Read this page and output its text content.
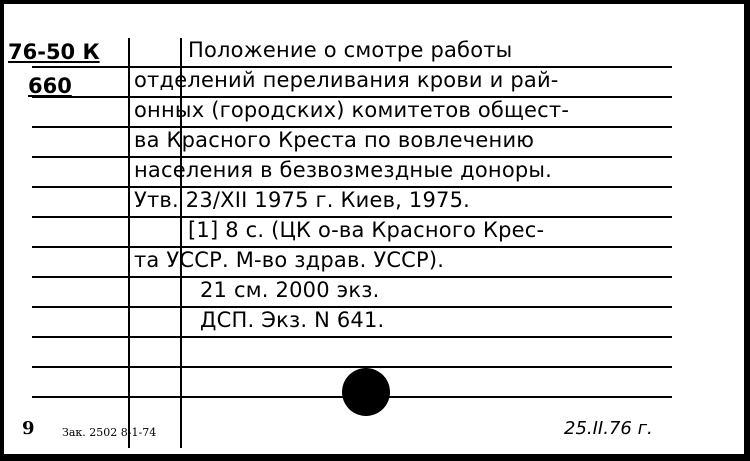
76-50 К
660
Положение о смотре работы
отделений переливания крови и рай-
онных (городских) комитетов общест-
ва Красного Креста по вовлечению
населения в безвозмездные доноры.
Утв. 23/XII 1975 г. Киев, 1975.
[1] 8 с. (ЦК о-ва Красного Крес-
та УССР. М-во здрав. УССР).
21 см. 2000 экз.
ДСП. Экз. N 641.
9 Зак. 2502 8-1-74	25.II.76 г.
